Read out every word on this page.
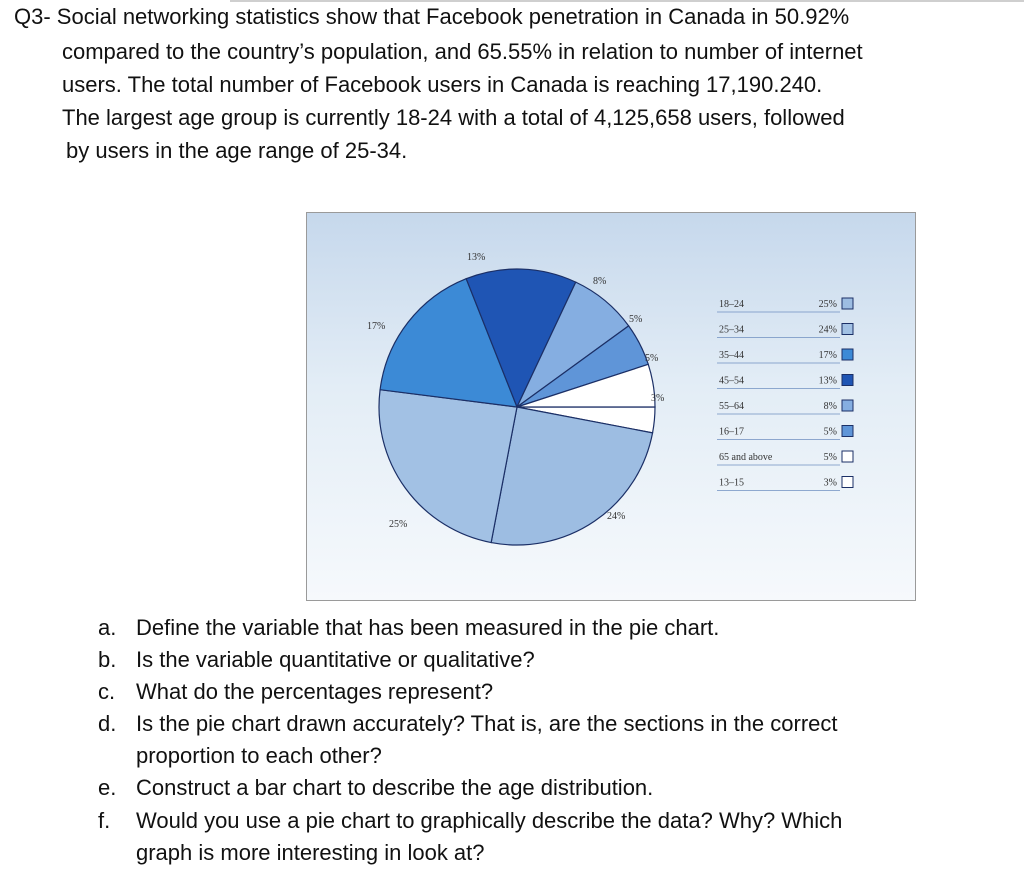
Q3- Social networking statistics show that Facebook penetration in Canada in 50.92%
compared to the country’s population, and 65.55% in relation to number of internet
users. The total number of Facebook users in Canada is reaching 17,190.240.
The largest age group is currently 18-24 with a total of 4,125,658 users, followed
by users in the age range of 25-34.
25%
24%
17%
13%
8%
5%
5%
3%
18–24	25%
25–34	24%
35–44	17%
45–54	13%
55–64	8%
16–17	5%
65 and above	5%
13–15	3%
a. Define the variable that has been measured in the pie chart.
b. Is the variable quantitative or qualitative?
c. What do the percentages represent?
d. Is the pie chart drawn accurately? That is, are the sections in the correct
proportion to each other?
e. Construct a bar chart to describe the age distribution.
f. Would you use a pie chart to graphically describe the data? Why? Which
graph is more interesting in look at?
